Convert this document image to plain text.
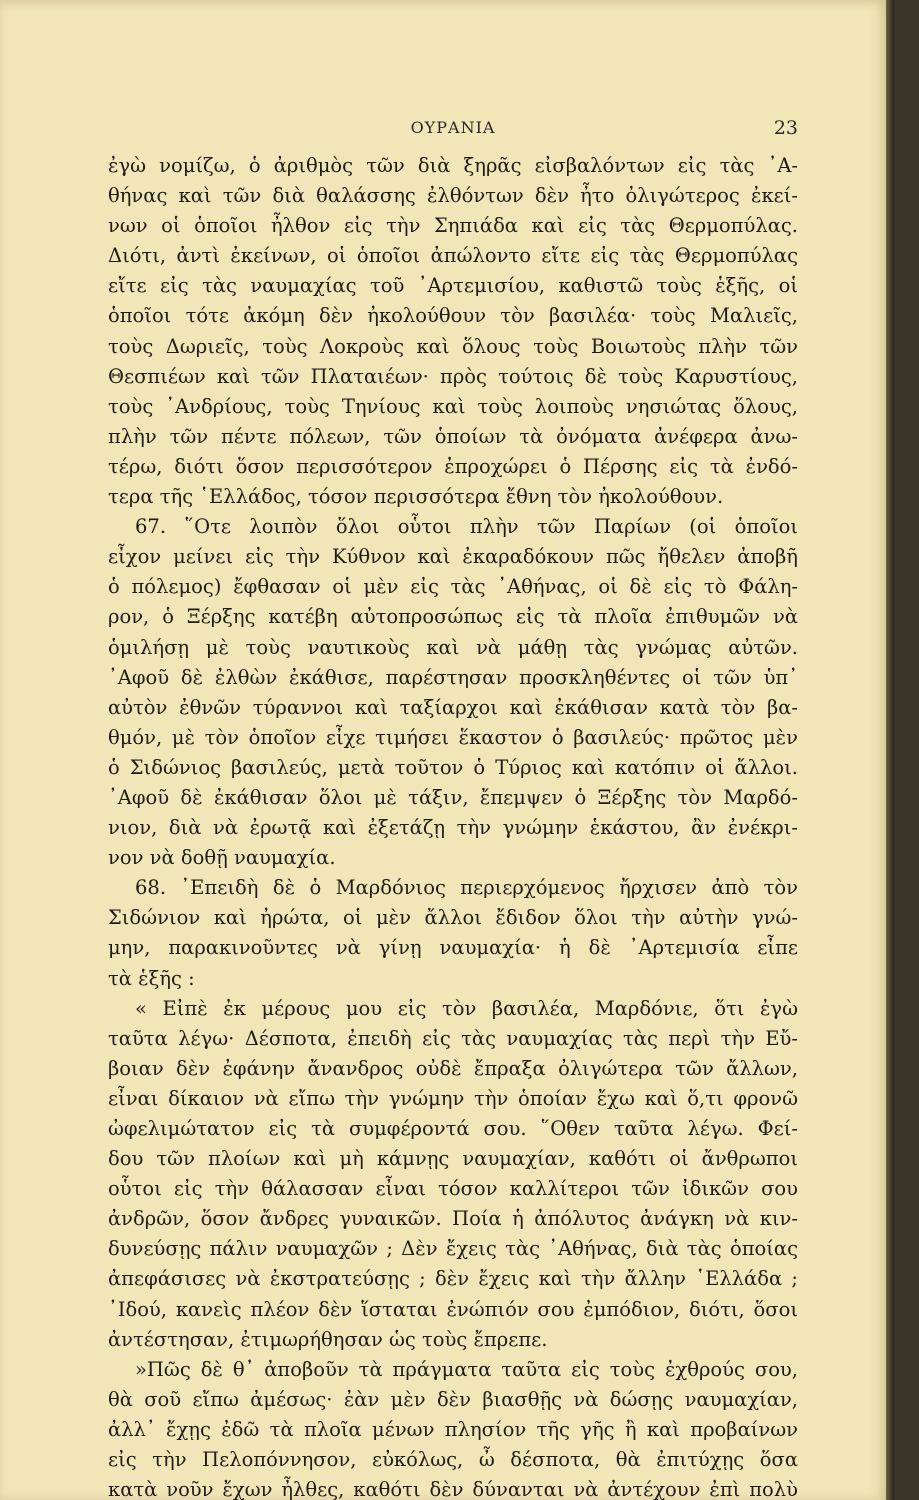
ΟΥΡΑΝΙΑ	23
ἐγὼ νομίζω, ὁ ἀριθμὸς τῶν διὰ ξηρᾶς εἰσβαλόντων εἰς τὰς ᾿Α-
θήνας καὶ τῶν διὰ θαλάσσης ἐλθόντων δὲν ἦτο ὀλιγώτερος ἐκεί-
νων οἱ ὁποῖοι ἦλθον εἰς τὴν Σηπιάδα καὶ εἰς τὰς Θερμοπύλας.
Διότι, ἀντὶ ἐκείνων, οἱ ὁποῖοι ἀπώλοντο εἴτε εἰς τὰς Θερμοπύλας
εἴτε εἰς τὰς ναυμαχίας τοῦ ᾿Αρτεμισίου, καθιστῶ τοὺς ἑξῆς, οἱ
ὁποῖοι τότε ἀκόμη δὲν ἠκολούθουν τὸν βασιλέα· τοὺς Μαλιεῖς,
τοὺς Δωριεῖς, τοὺς Λοκροὺς καὶ ὅλους τοὺς Βοιωτοὺς πλὴν τῶν
Θεσπιέων καὶ τῶν Πλαταιέων· πρὸς τούτοις δὲ τοὺς Καρυστίους,
τοὺς ᾿Ανδρίους, τοὺς Τηνίους καὶ τοὺς λοιποὺς νησιώτας ὅλους,
πλὴν τῶν πέντε πόλεων, τῶν ὁποίων τὰ ὀνόματα ἀνέφερα ἀνω-
τέρω, διότι ὅσον περισσότερον ἐπροχώρει ὁ Πέρσης εἰς τὰ ἐνδό-
τερα τῆς ῾Ελλάδος, τόσον περισσότερα ἔθνη τὸν ἠκολούθουν.
67. ῞Οτε λοιπὸν ὅλοι οὗτοι πλὴν τῶν Παρίων (οἱ ὁποῖοι
εἶχον μείνει εἰς τὴν Κύθνον καὶ ἐκαραδόκουν πῶς ἤθελεν ἀποβῆ
ὁ πόλεμος) ἔφθασαν οἱ μὲν εἰς τὰς ᾿Αθήνας, οἱ δὲ εἰς τὸ Φάλη-
ρον, ὁ Ξέρξης κατέβη αὐτοπροσώπως εἰς τὰ πλοῖα ἐπιθυμῶν νὰ
ὁμιλήσῃ μὲ τοὺς ναυτικοὺς καὶ νὰ μάθῃ τὰς γνώμας αὐτῶν.
᾿Αφοῦ δὲ ἐλθὼν ἐκάθισε, παρέστησαν προσκληθέντες οἱ τῶν ὑπ᾿
αὐτὸν ἐθνῶν τύραννοι καὶ ταξίαρχοι καὶ ἐκάθισαν κατὰ τὸν βα-
θμόν, μὲ τὸν ὁποῖον εἶχε τιμήσει ἕκαστον ὁ βασιλεύς· πρῶτος μὲν
ὁ Σιδώνιος βασιλεύς, μετὰ τοῦτον ὁ Τύριος καὶ κατόπιν οἱ ἄλλοι.
᾿Αφοῦ δὲ ἐκάθισαν ὅλοι μὲ τάξιν, ἔπεμψεν ὁ Ξέρξης τὸν Μαρδό-
νιον, διὰ νὰ ἐρωτᾷ καὶ ἐξετάζῃ τὴν γνώμην ἑκάστου, ἂν ἐνέκρι-
νον νὰ δοθῇ ναυμαχία.
68. ᾿Επειδὴ δὲ ὁ Μαρδόνιος περιερχόμενος ἤρχισεν ἀπὸ τὸν
Σιδώνιον καὶ ἠρώτα, οἱ μὲν ἄλλοι ἔδιδον ὅλοι τὴν αὐτὴν γνώ-
μην, παρακινοῦντες νὰ γίνῃ ναυμαχία· ἡ δὲ ᾿Αρτεμισία εἶπε
τὰ ἑξῆς :
« Εἰπὲ ἐκ μέρους μου εἰς τὸν βασιλέα, Μαρδόνιε, ὅτι ἐγὼ
ταῦτα λέγω· Δέσποτα, ἐπειδὴ εἰς τὰς ναυμαχίας τὰς περὶ τὴν Εὔ-
βοιαν δὲν ἐφάνην ἄνανδρος οὐδὲ ἔπραξα ὀλιγώτερα τῶν ἄλλων,
εἶναι δίκαιον νὰ εἴπω τὴν γνώμην τὴν ὁποίαν ἔχω καὶ ὅ,τι φρονῶ
ὠφελιμώτατον εἰς τὰ συμφέροντά σου. ῞Οθεν ταῦτα λέγω. Φεί-
δου τῶν πλοίων καὶ μὴ κάμνῃς ναυμαχίαν, καθότι οἱ ἄνθρωποι
οὗτοι εἰς τὴν θάλασσαν εἶναι τόσον καλλίτεροι τῶν ἰδικῶν σου
ἀνδρῶν, ὅσον ἄνδρες γυναικῶν. Ποία ἡ ἀπόλυτος ἀνάγκη νὰ κιν-
δυνεύσῃς πάλιν ναυμαχῶν ; Δὲν ἔχεις τὰς ᾿Αθήνας, διὰ τὰς ὁποίας
ἀπεφάσισες νὰ ἐκστρατεύσῃς ; δὲν ἔχεις καὶ τὴν ἄλλην ῾Ελλάδα ;
᾿Ιδού, κανεὶς πλέον δὲν ἵσταται ἐνώπιόν σου ἐμπόδιον, διότι, ὅσοι
ἀντέστησαν, ἐτιμωρήθησαν ὡς τοὺς ἔπρεπε.
»Πῶς δὲ θ᾿ ἀποβοῦν τὰ πράγματα ταῦτα εἰς τοὺς ἐχθρούς σου,
θὰ σοῦ εἴπω ἀμέσως· ἐὰν μὲν δὲν βιασθῇς νὰ δώσῃς ναυμαχίαν,
ἀλλ᾿ ἔχῃς ἐδῶ τὰ πλοῖα μένων πλησίον τῆς γῆς ἢ καὶ προβαίνων
εἰς τὴν Πελοπόννησον, εὐκόλως, ὦ δέσποτα, θὰ ἐπιτύχῃς ὅσα
κατὰ νοῦν ἔχων ἦλθες, καθότι δὲν δύνανται νὰ ἀντέχουν ἐπὶ πολὺ
